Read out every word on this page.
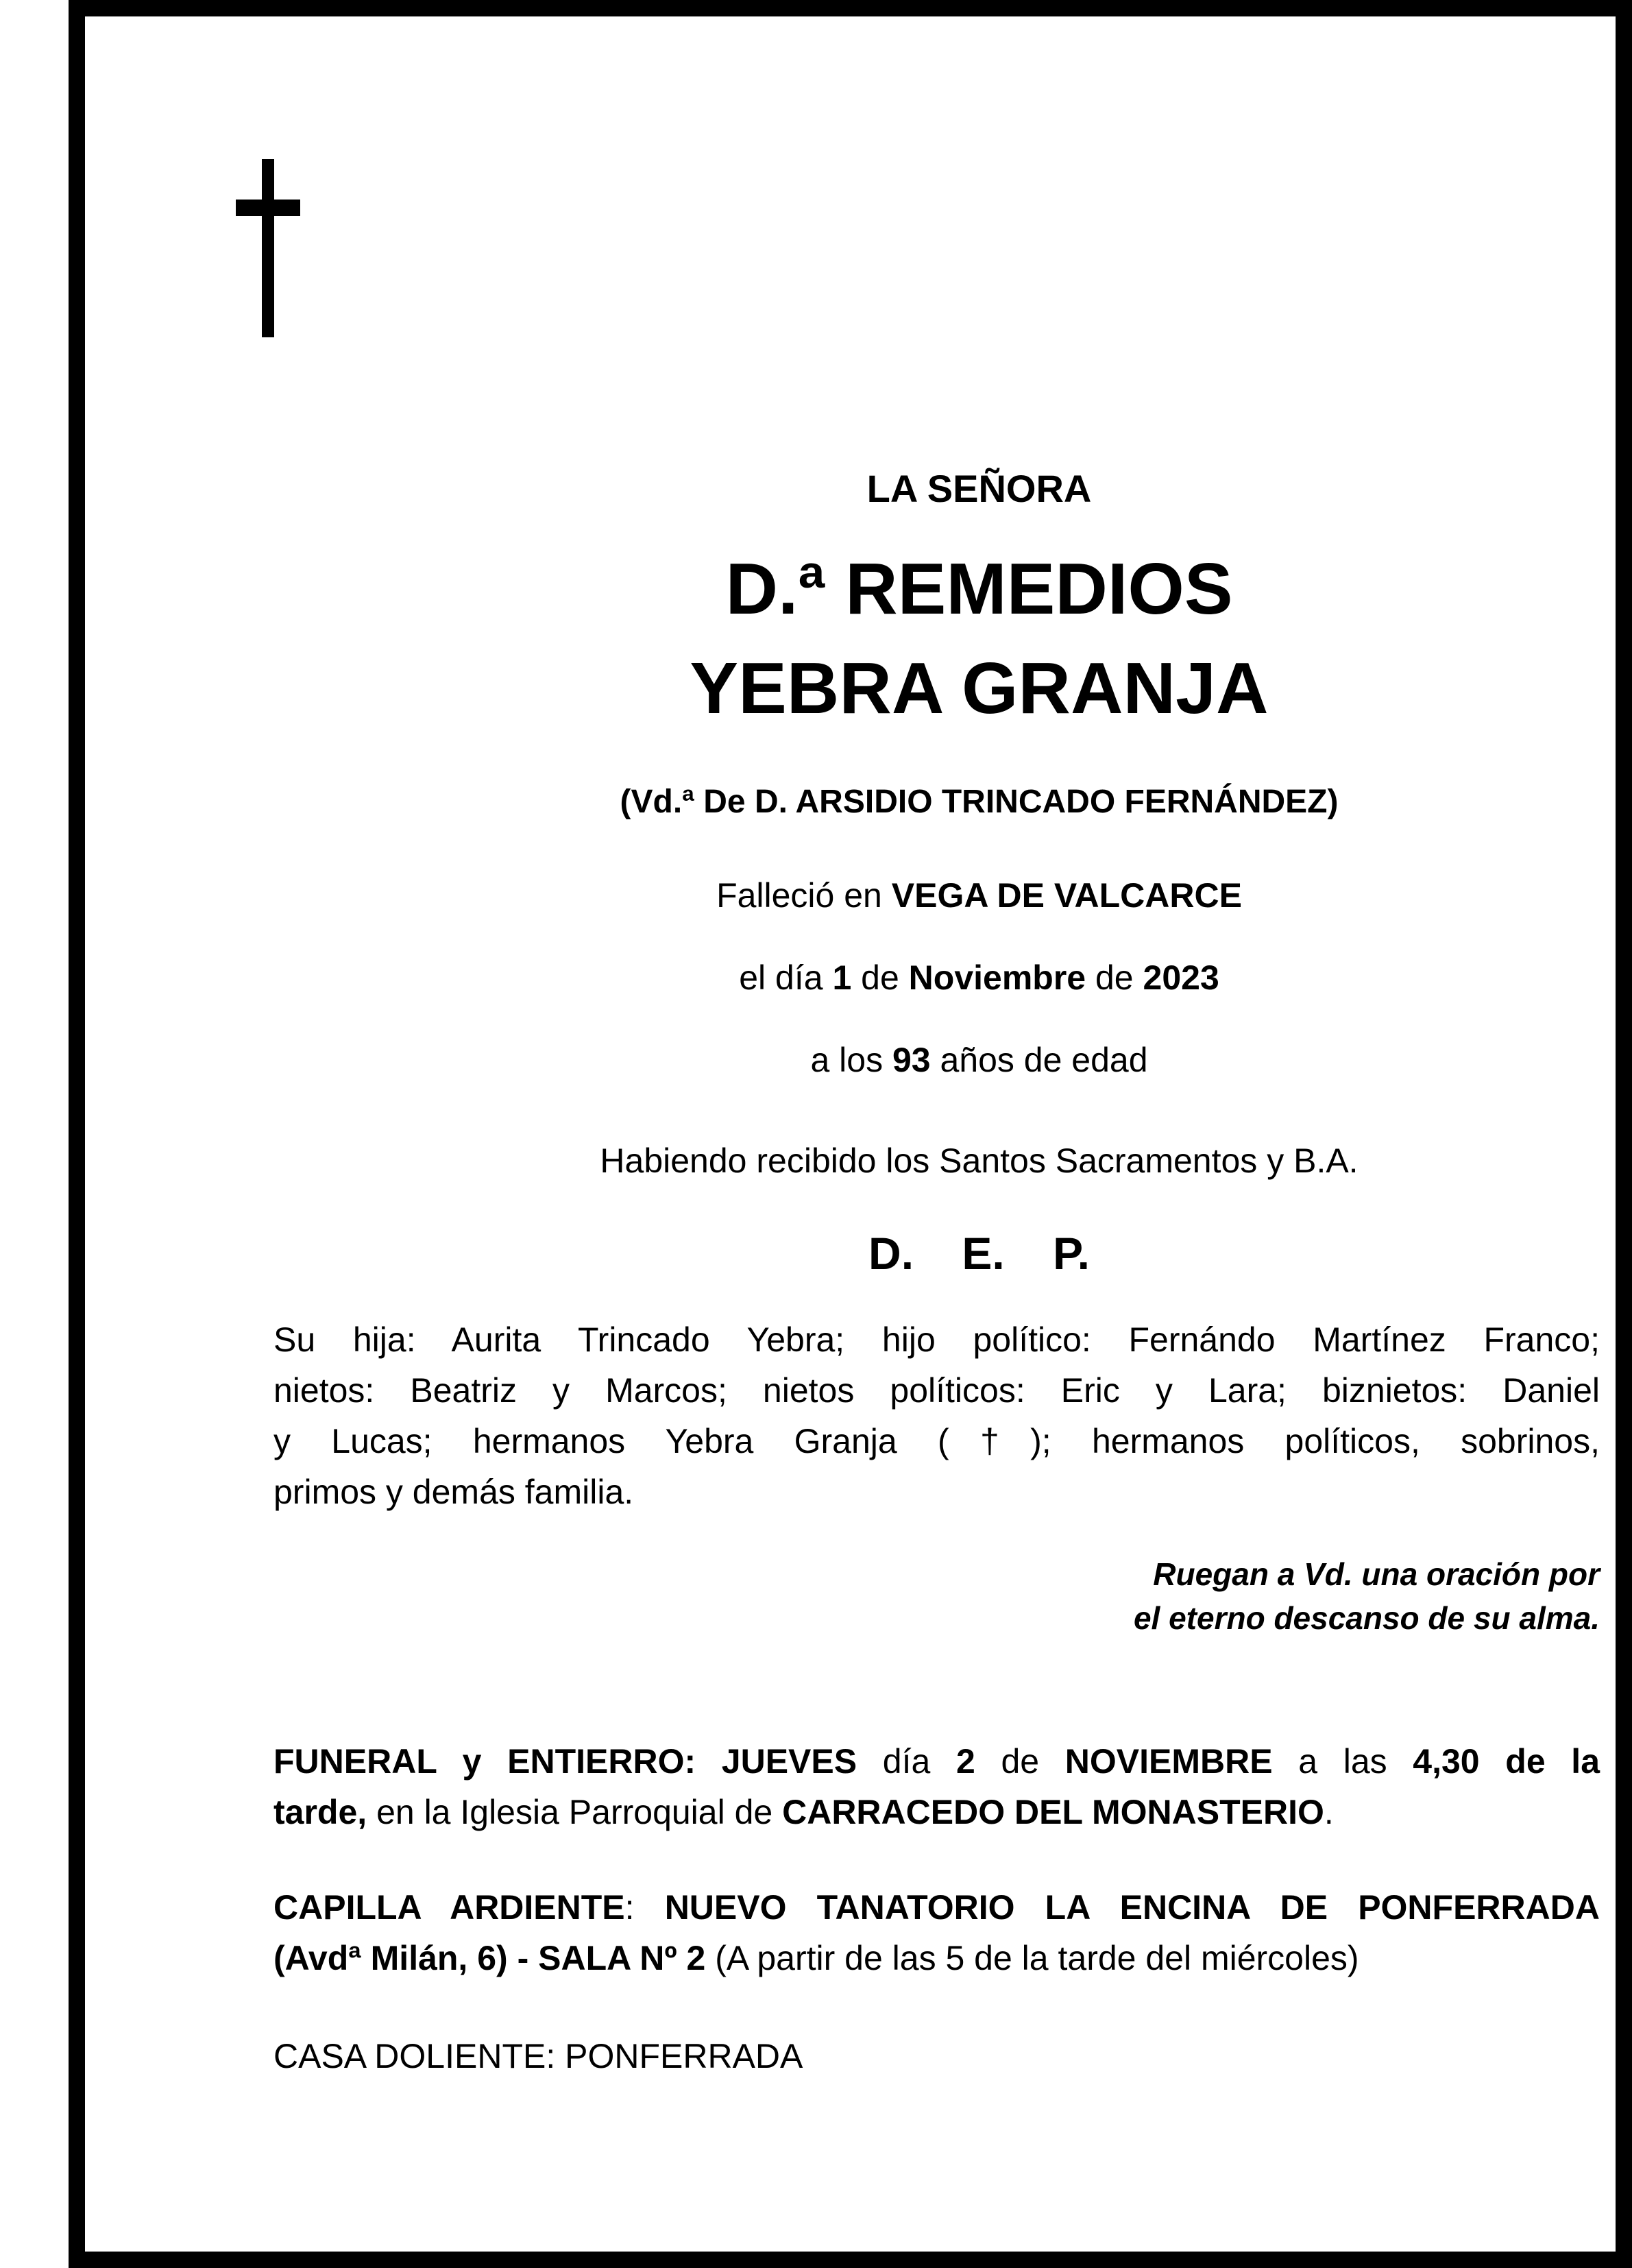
LA SEÑORA
D.ª REMEDIOS
YEBRA GRANJA
(Vd.ª De D. ARSIDIO TRINCADO FERNÁNDEZ)
Falleció en VEGA DE VALCARCE
el día 1 de Noviembre de 2023
a los 93 años de edad
Habiendo recibido los Santos Sacramentos y B.A.
D. E. P.
Su hija: Aurita Trincado Yebra; hijo político: Fernándo Martínez Franco;
nietos: Beatriz y Marcos; nietos políticos: Eric y Lara; biznietos: Daniel
y Lucas; hermanos Yebra Granja (†); hermanos políticos, sobrinos,
primos y demás familia.
Ruegan a Vd. una oración por
el eterno descanso de su alma.
FUNERAL y ENTIERRO: JUEVES día 2 de NOVIEMBRE a las 4,30 de la
tarde, en la Iglesia Parroquial de CARRACEDO DEL MONASTERIO.
CAPILLA ARDIENTE: NUEVO TANATORIO LA ENCINA DE PONFERRADA
(Avdª Milán, 6) - SALA Nº 2 (A partir de las 5 de la tarde del miércoles)
CASA DOLIENTE: PONFERRADA
